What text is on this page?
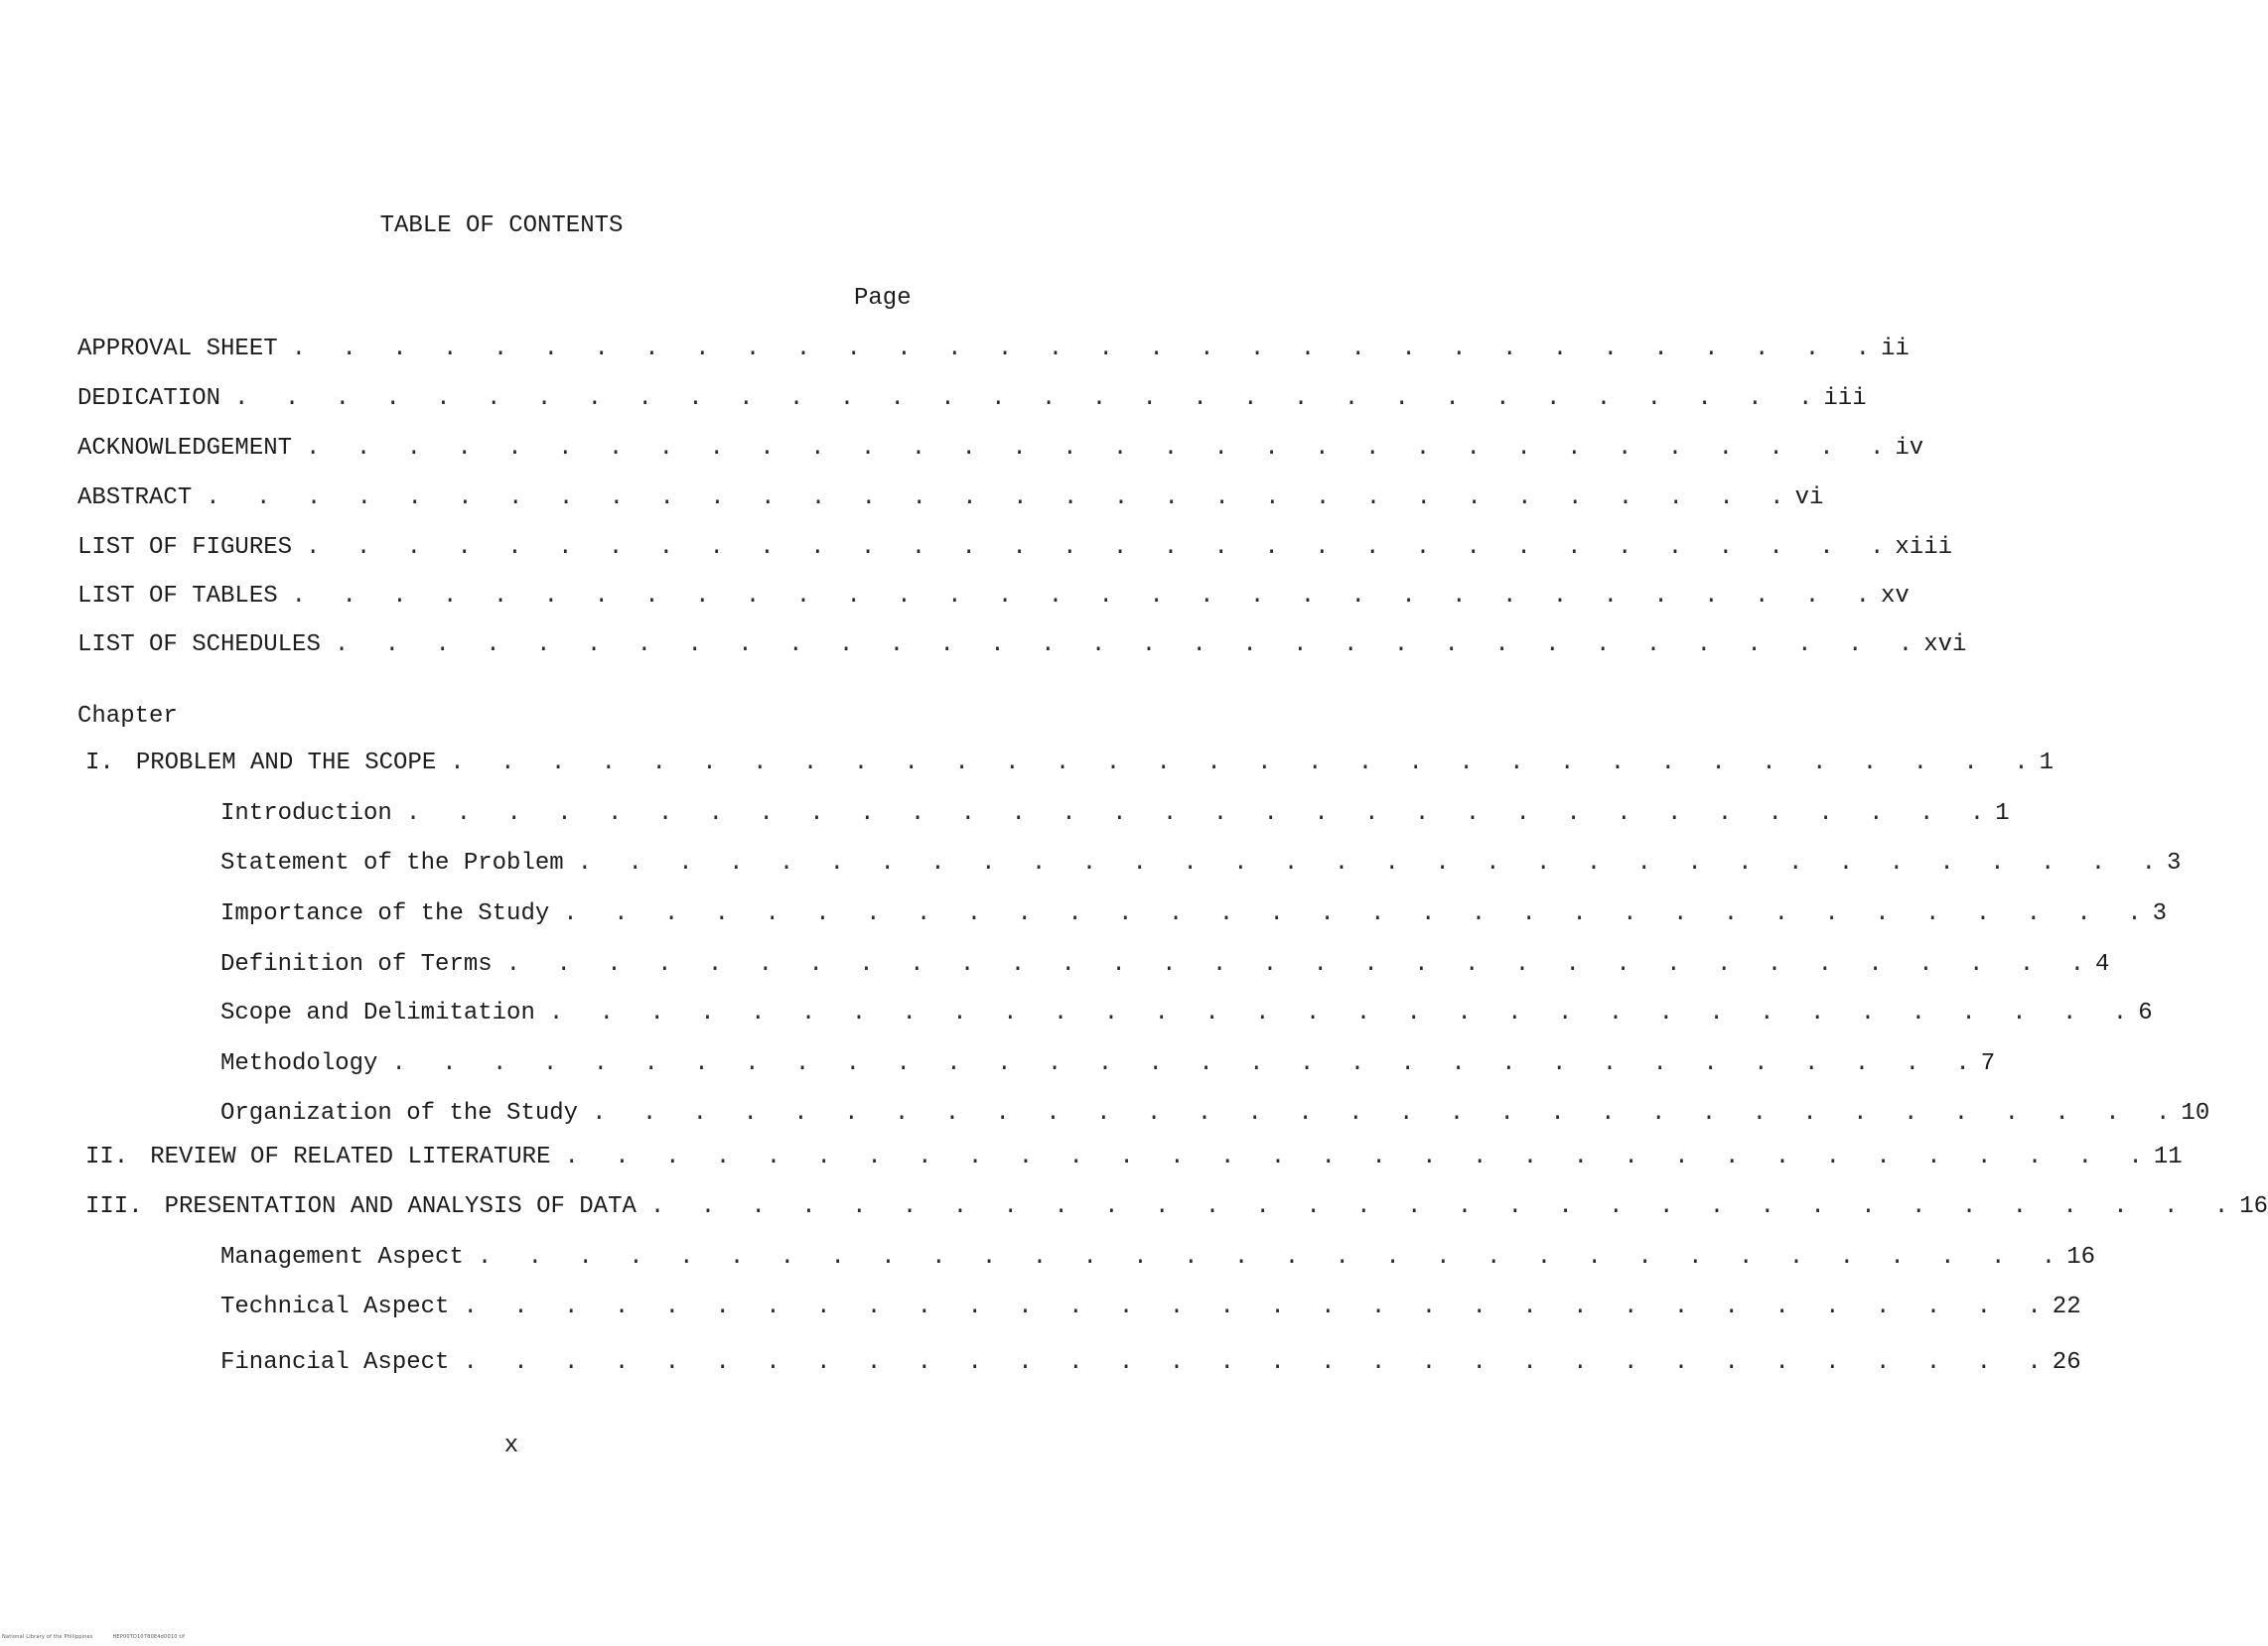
TABLE OF CONTENTS
Page
APPROVAL SHEET . . . . . . . . . . . . . . . . . . . . . . . . . . . . . . . . ii
DEDICATION . . . . . . . . . . . . . . . . . . . . . . . . . . . . . . . . iii
ACKNOWLEDGEMENT . . . . . . . . . . . . . . . . . . . . . . . . . . . . . . . . iv
ABSTRACT . . . . . . . . . . . . . . . . . . . . . . . . . . . . . . . . vi
LIST OF FIGURES . . . . . . . . . . . . . . . . . . . . . . . . . . . . . . . . xiii
LIST OF TABLES . . . . . . . . . . . . . . . . . . . . . . . . . . . . . . . . xv
LIST OF SCHEDULES . . . . . . . . . . . . . . . . . . . . . . . . . . . . . . . . xvi
Chapter
I. PROBLEM AND THE SCOPE . . . . . . . . . . . . . . . . . . . . . . . . . . . . . . . . 1
Introduction . . . . . . . . . . . . . . . . . . . . . . . . . . . . . . . . 1
Statement of the Problem . . . . . . . . . . . . . . . . . . . . . . . . . . . . . . . . 3
Importance of the Study . . . . . . . . . . . . . . . . . . . . . . . . . . . . . . . . 3
Definition of Terms . . . . . . . . . . . . . . . . . . . . . . . . . . . . . . . . 4
Scope and Delimitation . . . . . . . . . . . . . . . . . . . . . . . . . . . . . . . . 6
Methodology . . . . . . . . . . . . . . . . . . . . . . . . . . . . . . . . 7
Organization of the Study . . . . . . . . . . . . . . . . . . . . . . . . . . . . . . . . 10
II. REVIEW OF RELATED LITERATURE . . . . . . . . . . . . . . . . . . . . . . . . . . . . . . . . 11
III. PRESENTATION AND ANALYSIS OF DATA . . . . . . . . . . . . . . . . . . . . . . . . . . . . . . . . 16
Management Aspect . . . . . . . . . . . . . . . . . . . . . . . . . . . . . . . . 16
Technical Aspect . . . . . . . . . . . . . . . . . . . . . . . . . . . . . . . . 22
Financial Aspect . . . . . . . . . . . . . . . . . . . . . . . . . . . . . . . . 26
x
National Library of the Philippines	HEP00TD10780E4d0010 tif
